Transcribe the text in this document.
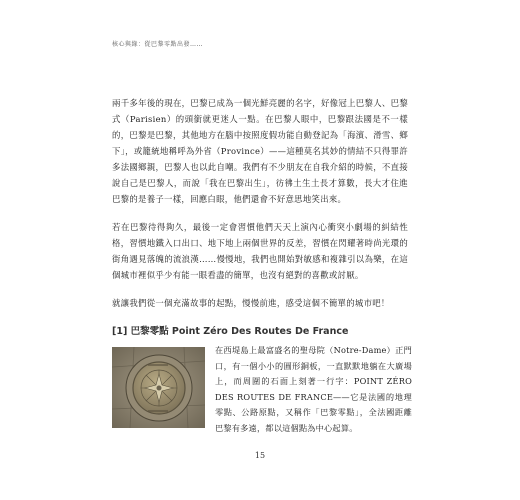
核心與緣：從巴黎零點出發……

兩千多年後的現在，巴黎已成為一個光鮮亮麗的名字，好像冠上巴黎人、巴黎式（Parisien）的頭銜就更迷人一點。在巴黎人眼中，巴黎跟法國是不一樣的，巴黎是巴黎，其他地方在腦中按照度假功能自動登記為「海濱、滑雪、鄉下」，或籠統地稱呼為外省（Province）——這種莫名其妙的情結不只得罪許多法國鄉親，巴黎人也以此自嘲。我們有不少朋友在自我介紹的時候，不直接說自己是巴黎人，而說「我在巴黎出生」，彷彿土生土長才算數，長大才住進巴黎的是養子一樣，回應白眼，他們還會不好意思地笑出來。

若在巴黎待得夠久，最後一定會習慣他們天天上演內心衝突小劇場的糾結性格，習慣地鐵入口出口、地下地上兩個世界的反差，習慣在閃耀著時尚光環的街角遇見落魄的流浪漢……慢慢地，我們也開始對敏感和複雜引以為樂，在這個城市裡似乎少有能一眼看盡的簡單，也沒有絕對的喜歡或討厭。

就讓我們從一個充滿故事的起點，慢慢前進，感受這個不簡單的城市吧！

[1] 巴黎零點 Point Zéro Des Routes De France
在西堤島上最富盛名的聖母院（Notre-Dame）正門口，有一個小小的圓形銅板，一直默默地躺在大廣場上，而周圍的石面上刻著一行字：POINT ZÉRO DES ROUTES DE FRANCE——它是法國的地理零點、公路原點，又稱作「巴黎零點」，全法國距離巴黎有多遠，都以這個點為中心起算。
15
